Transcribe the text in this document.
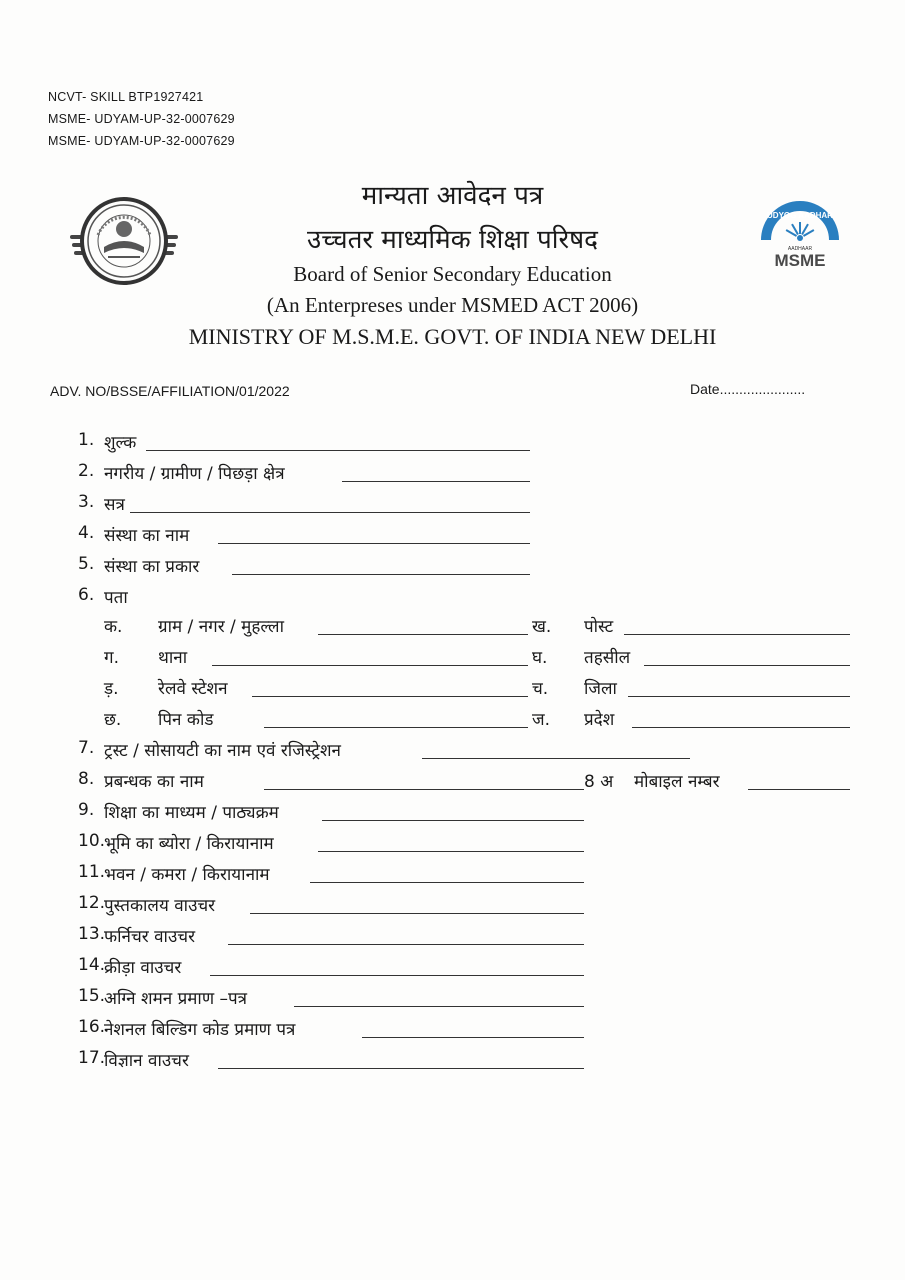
NCVT- SKILL BTP1927421
MSME- UDYAM-UP-32-0007629
MSME- UDYAM-UP-32-0007629
UDYOG AADHAR
AADHAAR
MSME
मान्यता आवेदन पत्र
उच्चतर माध्यमिक शिक्षा परिषद
Board of Senior Secondary Education
(An Enterpreses under MSMED ACT 2006)
MINISTRY OF M.S.M.E. GOVT. OF INDIA NEW DELHI
ADV. NO/BSSE/AFFILIATION/01/2022	Date......................
1. शुल्क
2. नगरीय / ग्रामीण / पिछड़ा क्षेत्र
3. सत्र
4. संस्था का नाम
5. संस्था का प्रकार
6. पता
क. ग्राम / नगर / मुहल्ला	ख. पोस्ट
ग. थाना	घ. तहसील
ड़. रेलवे स्टेशन	च. जिला
छ. पिन कोड	ज. प्रदेश
7. ट्रस्ट / सोसायटी का नाम एवं रजिस्ट्रेशन
8. प्रबन्धक का नाम	8 अ मोबाइल नम्बर
9. शिक्षा का माध्यम / पाठ्यक्रम
10.
भूमि का ब्योरा / किरायानाम
11.
भवन / कमरा / किरायानाम
12.
पुस्तकालय वाउचर
13.
फर्निचर वाउचर
14.
क्रीड़ा वाउचर
15.
अग्नि शमन प्रमाण –पत्र
16.
नेशनल बिल्डिग कोड प्रमाण पत्र
17.
विज्ञान वाउचर
